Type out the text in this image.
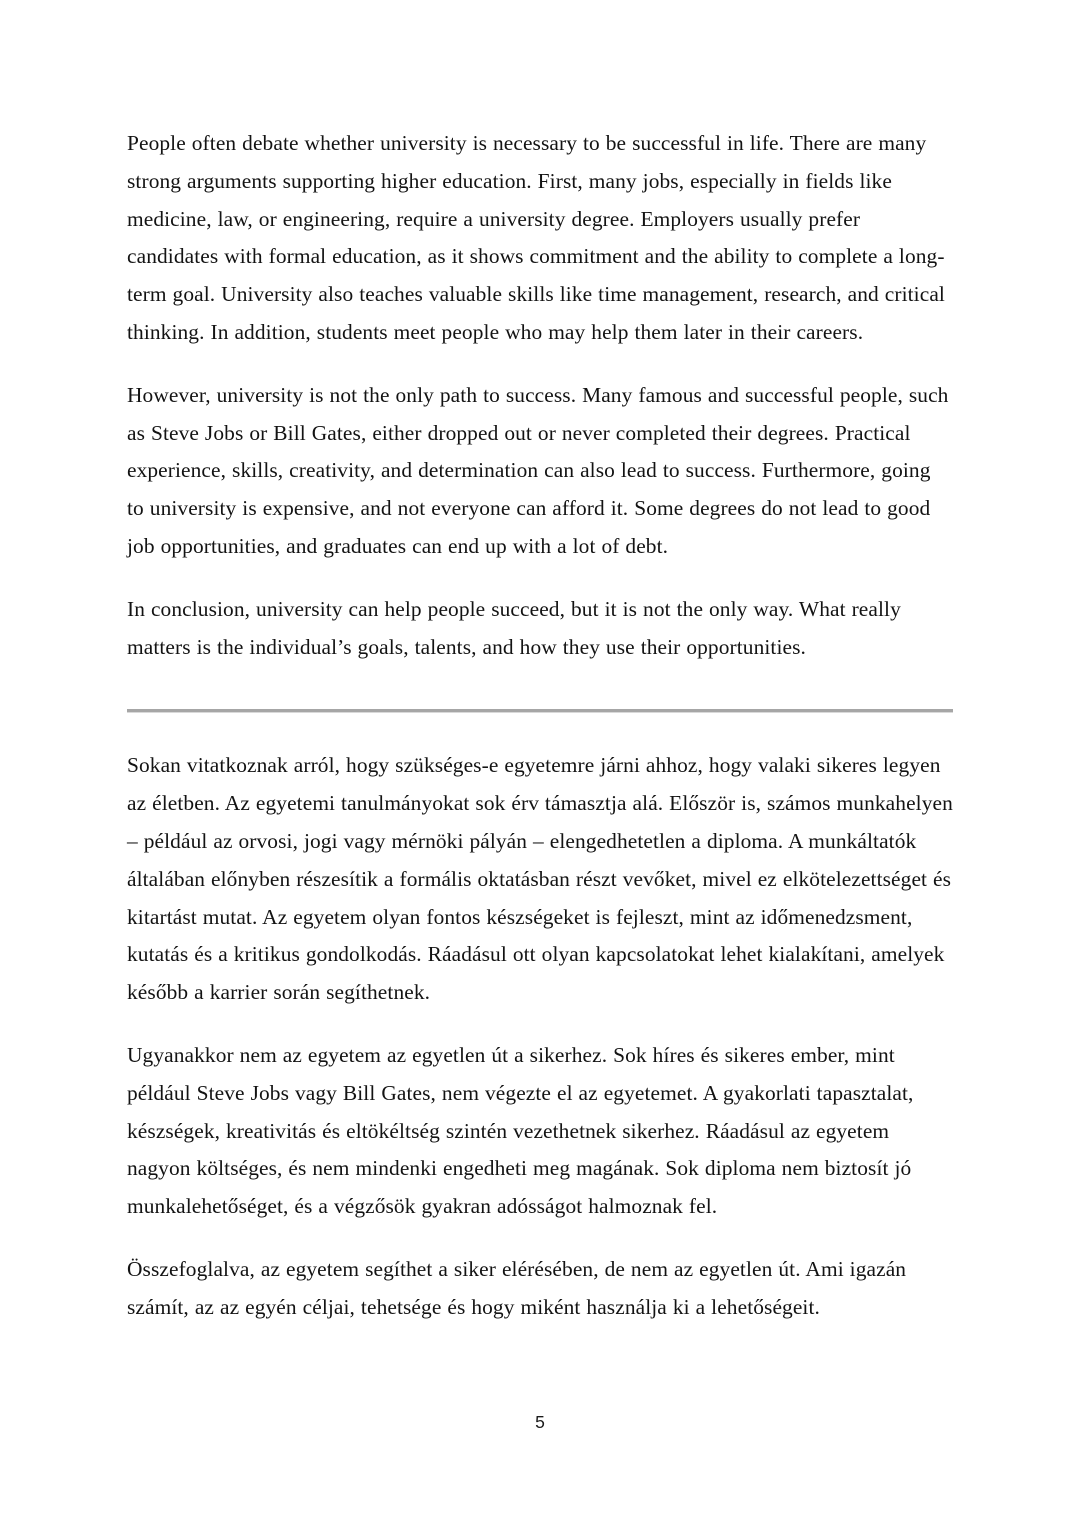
People often debate whether university is necessary to be successful in life. There are many strong arguments supporting higher education. First, many jobs, especially in fields like medicine, law, or engineering, require a university degree. Employers usually prefer candidates with formal education, as it shows commitment and the ability to complete a long-term goal. University also teaches valuable skills like time management, research, and critical thinking. In addition, students meet people who may help them later in their careers.

However, university is not the only path to success. Many famous and successful people, such as Steve Jobs or Bill Gates, either dropped out or never completed their degrees. Practical experience, skills, creativity, and determination can also lead to success. Furthermore, going to university is expensive, and not everyone can afford it. Some degrees do not lead to good job opportunities, and graduates can end up with a lot of debt.

In conclusion, university can help people succeed, but it is not the only way. What really matters is the individual’s goals, talents, and how they use their opportunities.

Sokan vitatkoznak arról, hogy szükséges-e egyetemre járni ahhoz, hogy valaki sikeres legyen az életben. Az egyetemi tanulmányokat sok érv támasztja alá. Először is, számos munkahelyen – például az orvosi, jogi vagy mérnöki pályán – elengedhetetlen a diploma. A munkáltatók általában előnyben részesítik a formális oktatásban részt vevőket, mivel ez elkötelezettséget és kitartást mutat. Az egyetem olyan fontos készségeket is fejleszt, mint az időmenedzsment, kutatás és a kritikus gondolkodás. Ráadásul ott olyan kapcsolatokat lehet kialakítani, amelyek később a karrier során segíthetnek.

Ugyanakkor nem az egyetem az egyetlen út a sikerhez. Sok híres és sikeres ember, mint például Steve Jobs vagy Bill Gates, nem végezte el az egyetemet. A gyakorlati tapasztalat, készségek, kreativitás és eltökéltség szintén vezethetnek sikerhez. Ráadásul az egyetem nagyon költséges, és nem mindenki engedheti meg magának. Sok diploma nem biztosít jó munkalehetőséget, és a végzősök gyakran adósságot halmoznak fel.

Összefoglalva, az egyetem segíthet a siker elérésében, de nem az egyetlen út. Ami igazán számít, az az egyén céljai, tehetsége és hogy miként használja ki a lehetőségeit.

5
